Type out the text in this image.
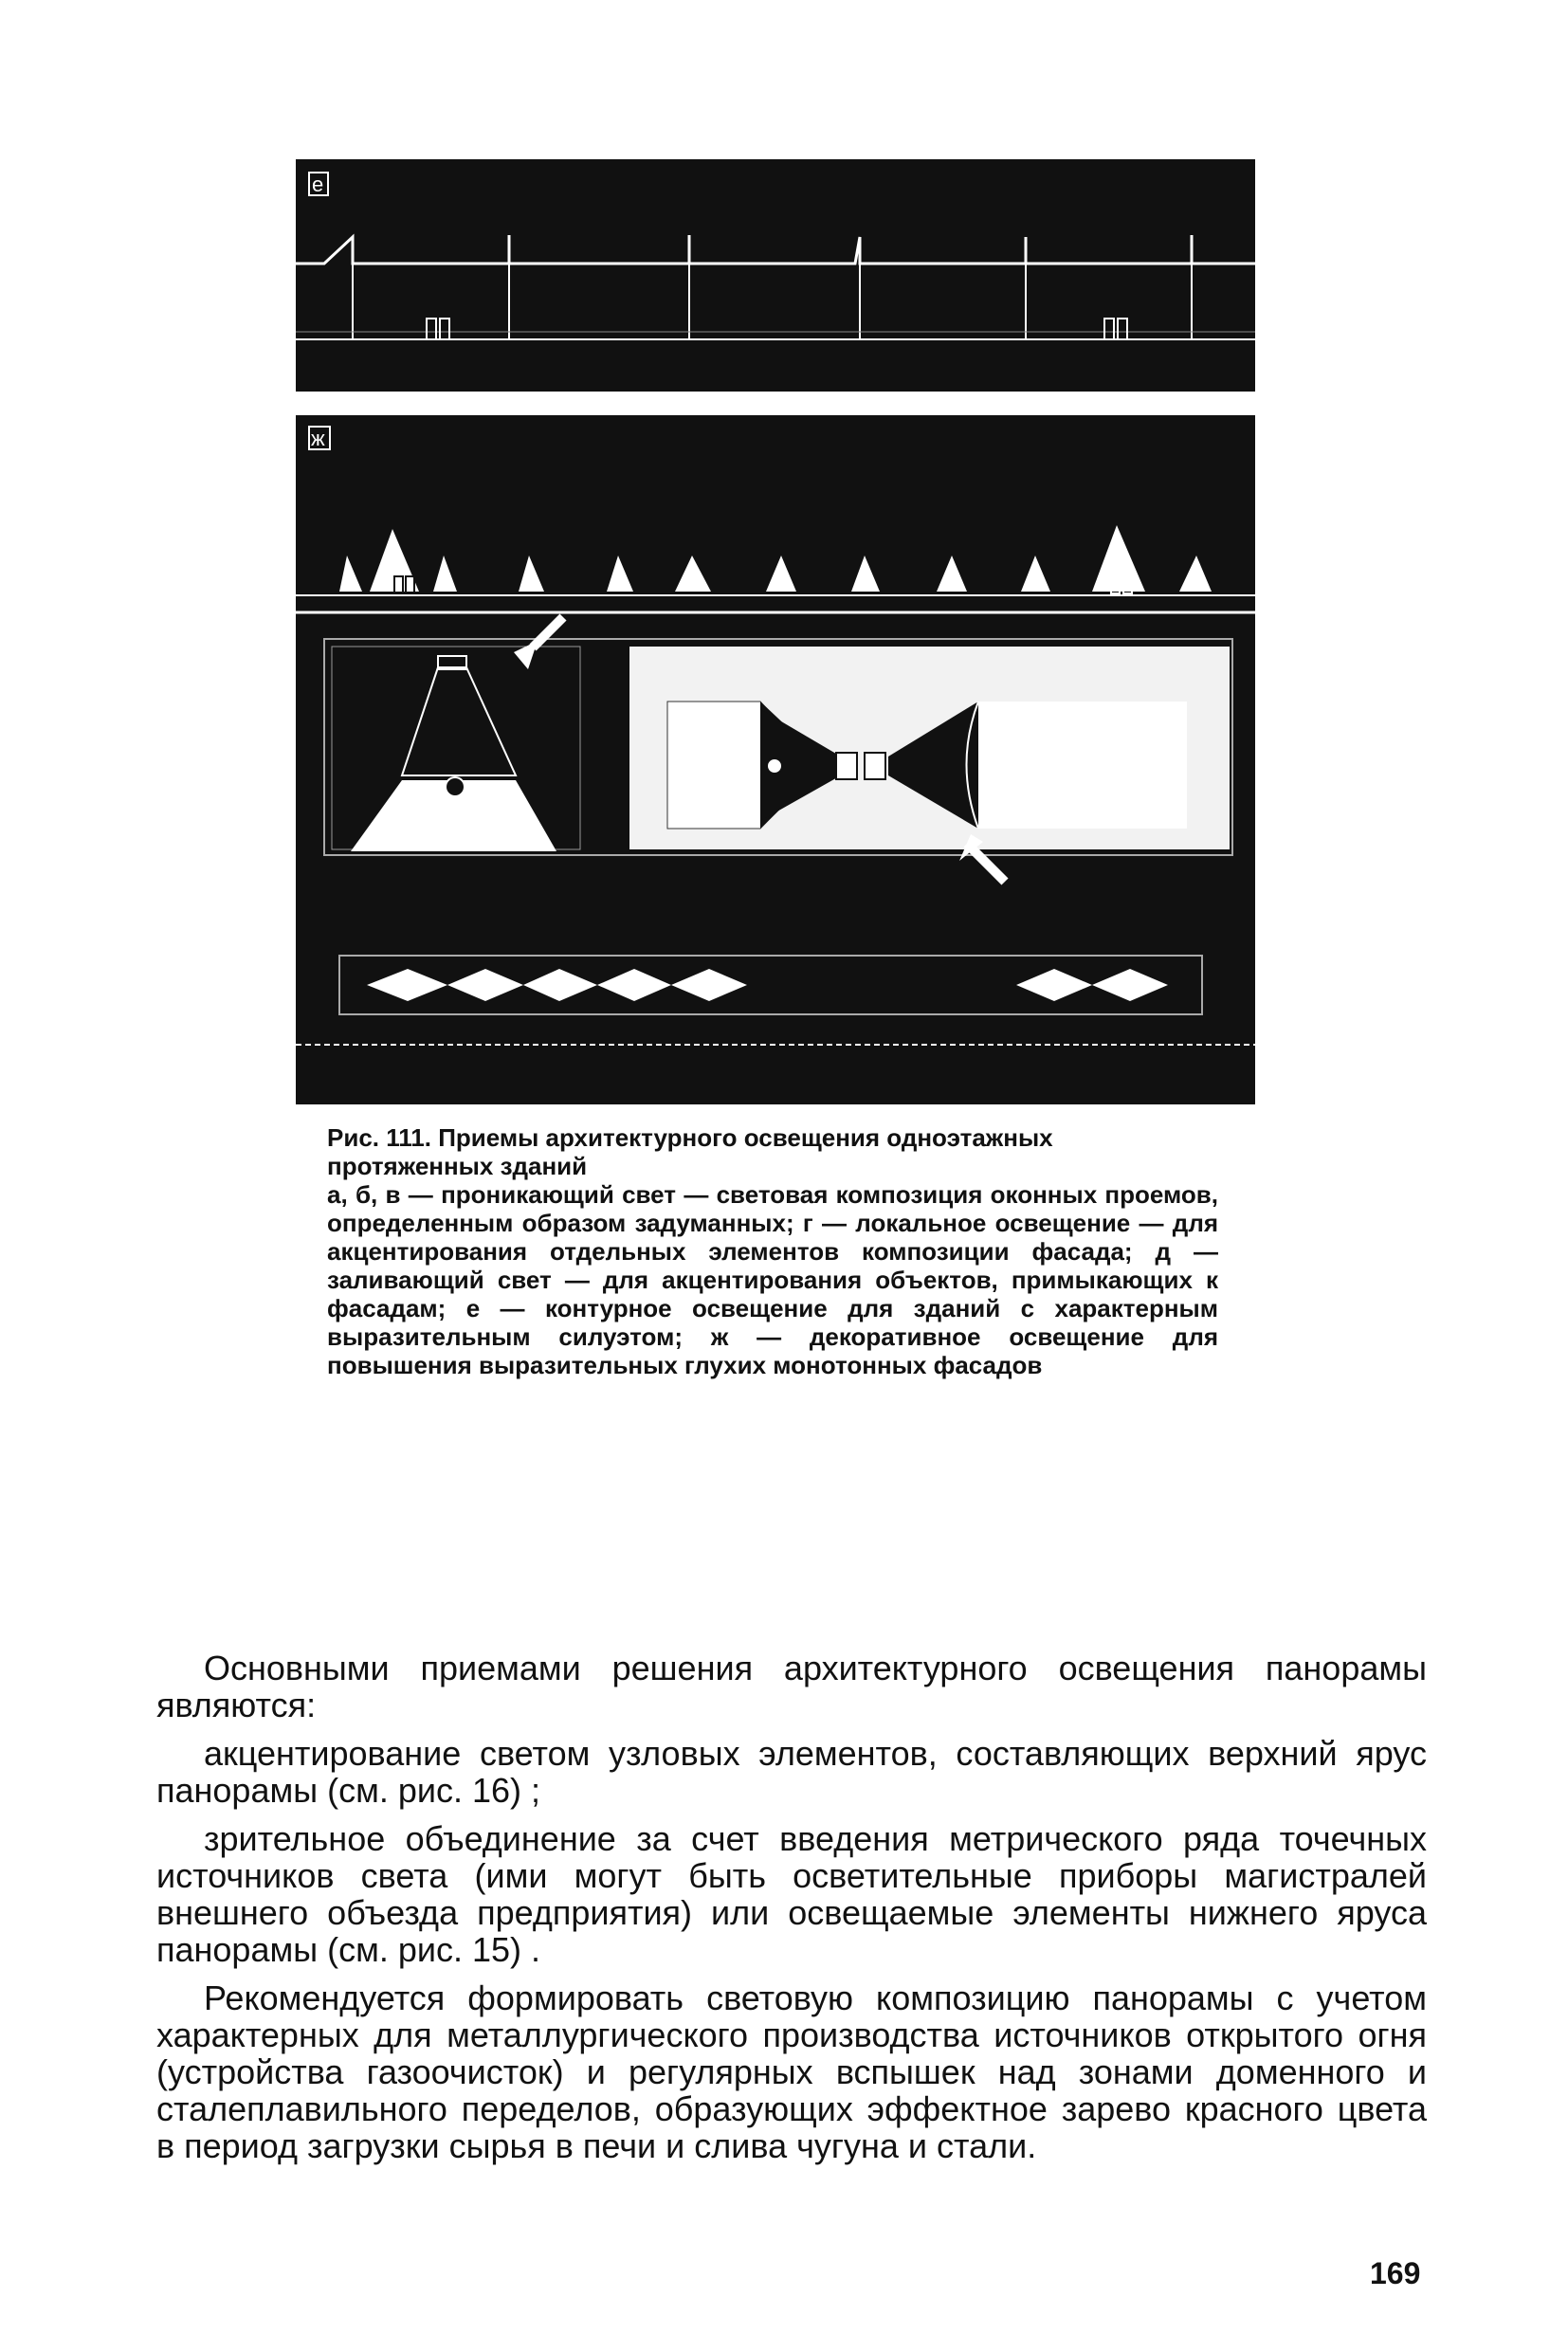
е
ж

Рис. 111. Приемы архитектурного освещения одноэтажных протяженных зданий

а, б, в — проникающий свет — световая композиция оконных проемов, определенным образом задуманных; г — локальное освещение — для акцентирования отдельных элементов композиции фасада; д — заливающий свет — для акцентирования объектов, примыкающих к фасадам; е — контурное освещение для зданий с характерным выразительным силуэтом; ж — декоративное освещение для повышения выразительных глухих монотонных фасадов

Основными приемами решения архитектурного освещения панорамы являются:

акцентирование светом узловых элементов, составляющих верхний ярус панорамы (см. рис. 16) ;

зрительное объединение за счет введения метрического ряда точечных источников света (ими могут быть осветительные приборы магистралей внешнего объезда предприятия) или освещаемые элементы нижнего яруса панорамы (см. рис. 15) .

Рекомендуется формировать световую композицию панорамы с учетом характерных для металлургического производства источников открытого огня (устройства газоочисток) и регулярных вспышек над зонами доменного и сталеплавильного переделов, образующих эффектное зарево красного цвета в период загрузки сырья в печи и слива чугуна и стали.

169
